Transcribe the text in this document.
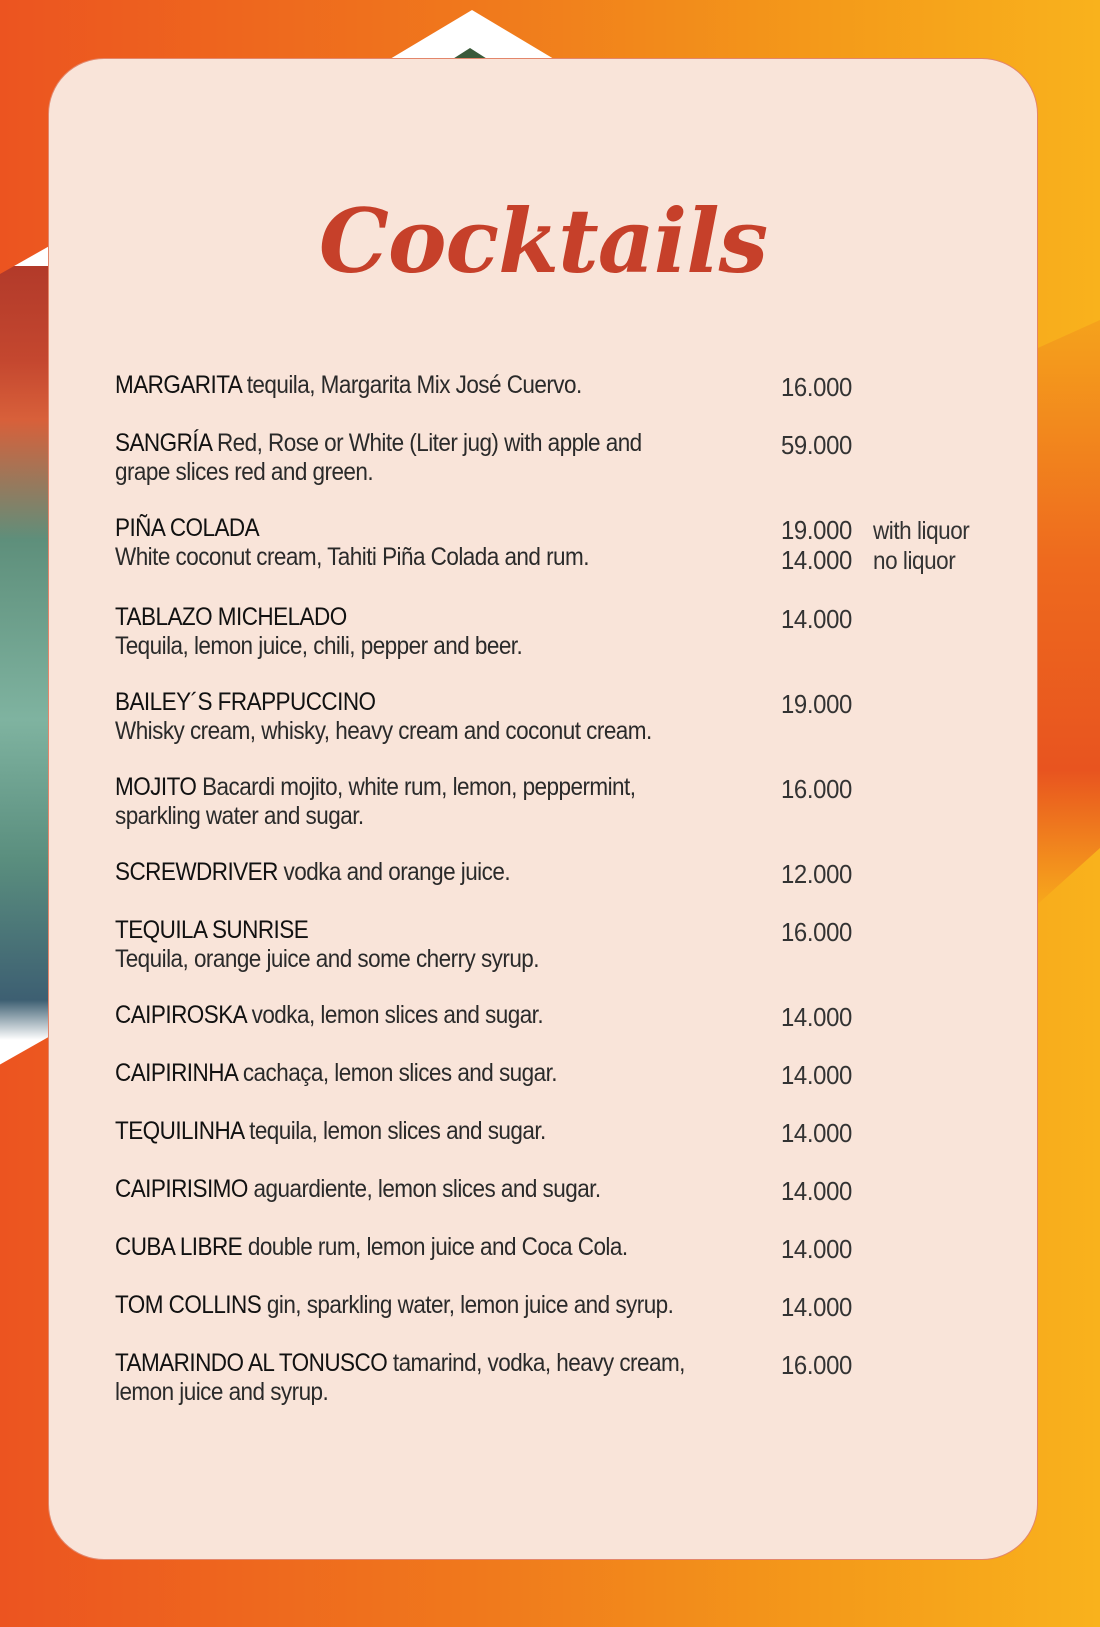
Cocktails
MARGARITA tequila, Margarita Mix José Cuervo.	16.000
SANGRÍA Red, Rose or White (Liter jug) with apple and
grape slices red and green.
59.000
PIÑA COLADA
White coconut cream, Tahiti Piña Colada and rum.
19.000 with liquor
14.000 no liquor
TABLAZO MICHELADO
Tequila, lemon juice, chili, pepper and beer.
14.000
BAILEY´S FRAPPUCCINO
Whisky cream, whisky, heavy cream and coconut cream.
19.000
MOJITO Bacardi mojito, white rum, lemon, peppermint,
sparkling water and sugar.
16.000
SCREWDRIVER vodka and orange juice.	12.000
TEQUILA SUNRISE
Tequila, orange juice and some cherry syrup.
16.000
CAIPIROSKA vodka, lemon slices and sugar.	14.000
CAIPIRINHA cachaça, lemon slices and sugar.	14.000
TEQUILINHA tequila, lemon slices and sugar.	14.000
CAIPIRISIMO aguardiente, lemon slices and sugar.	14.000
CUBA LIBRE double rum, lemon juice and Coca Cola.	14.000
TOM COLLINS gin, sparkling water, lemon juice and syrup.	14.000
TAMARINDO AL TONUSCO tamarind, vodka, heavy cream,
lemon juice and syrup.
16.000
